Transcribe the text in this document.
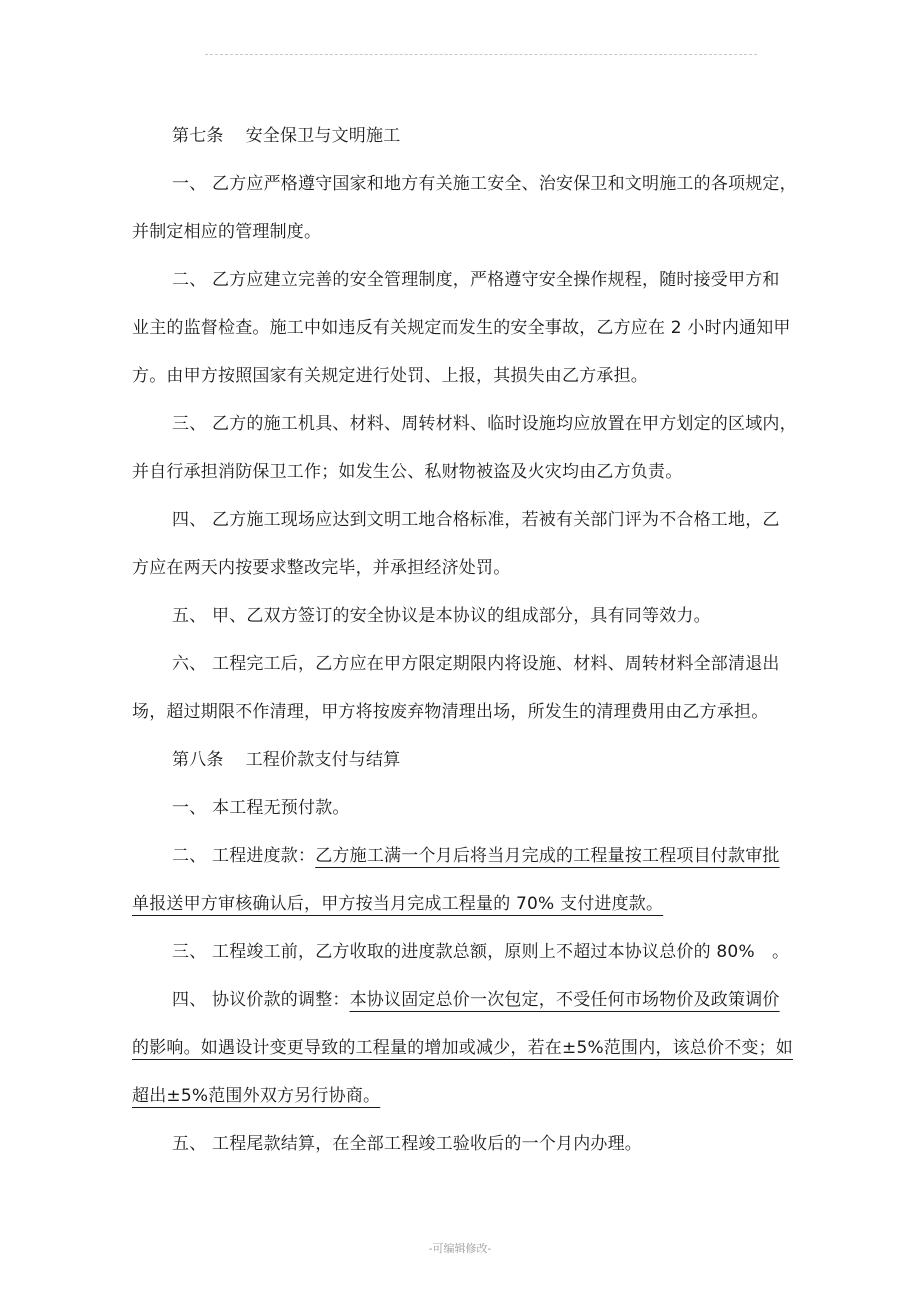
第七条 安全保卫与文明施工
一、 乙方应严格遵守国家和地方有关施工安全、治安保卫和文明施工的各项规定，
并制定相应的管理制度。
二、 乙方应建立完善的安全管理制度，严格遵守安全操作规程，随时接受甲方和
业主的监督检查。施工中如违反有关规定而发生的安全事故，乙方应在 2 小时内通知甲
方。由甲方按照国家有关规定进行处罚、上报，其损失由乙方承担。
三、 乙方的施工机具、材料、周转材料、临时设施均应放置在甲方划定的区域内，
并自行承担消防保卫工作；如发生公、私财物被盗及火灾均由乙方负责。
四、 乙方施工现场应达到文明工地合格标准，若被有关部门评为不合格工地，乙
方应在两天内按要求整改完毕，并承担经济处罚。
五、 甲、乙双方签订的安全协议是本协议的组成部分，具有同等效力。
六、 工程完工后，乙方应在甲方限定期限内将设施、材料、周转材料全部清退出
场，超过期限不作清理，甲方将按废弃物清理出场，所发生的清理费用由乙方承担。
第八条 工程价款支付与结算
一、 本工程无预付款。
二、 工程进度款：乙方施工满一个月后将当月完成的工程量按工程项目付款审批
单报送甲方审核确认后，甲方按当月完成工程量的 70% 支付进度款。
三、 工程竣工前，乙方收取的进度款总额，原则上不超过本协议总价的 80%　。
四、 协议价款的调整：本协议固定总价一次包定，不受任何市场物价及政策调价
的影响。如遇设计变更导致的工程量的增加或减少，若在±5%范围内，该总价不变；如
超出±5%范围外双方另行协商。
五、 工程尾款结算，在全部工程竣工验收后的一个月内办理。
-可编辑修改-
